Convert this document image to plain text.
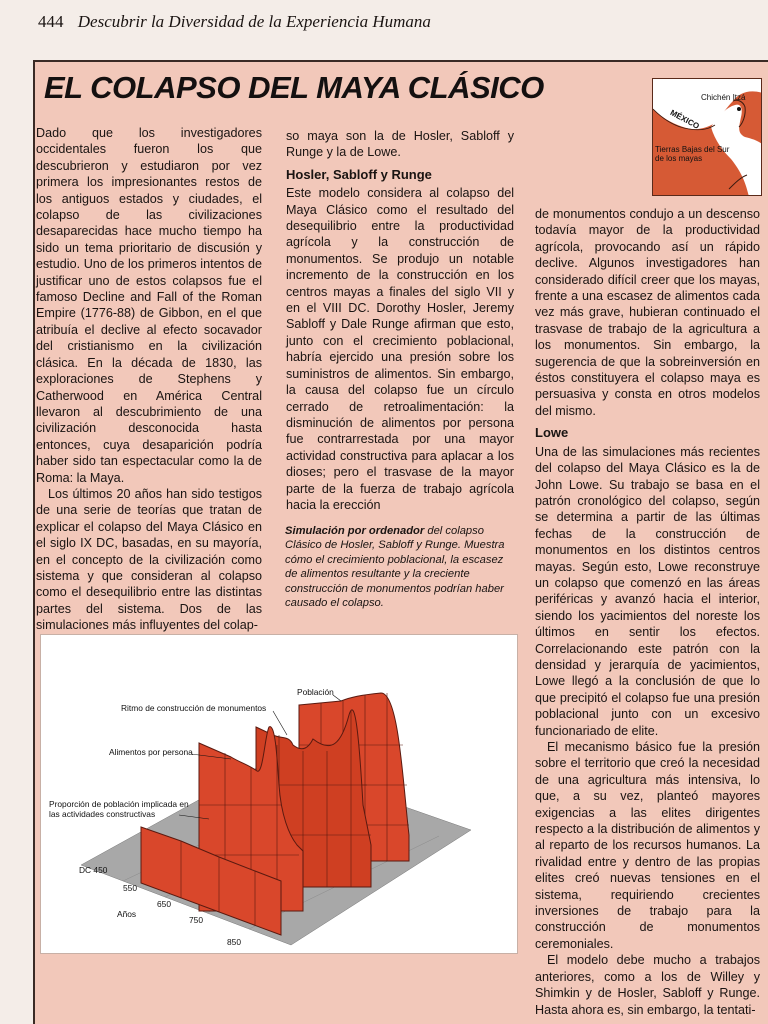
444 Descubrir la Diversidad de la Experiencia Humana
EL COLAPSO DEL MAYA CLÁSICO	Chichén Itzá
MÉXICO
Tierras Bajas del Sur de los mayas

Dado que los investigadores occidentales fueron los que descubrieron y estudiaron por vez primera los impresionantes restos de los antiguos estados y ciudades, el colapso de las civilizaciones desaparecidas hace mucho tiempo ha sido un tema prioritario de discusión y estudio. Uno de los primeros intentos de justificar uno de estos colapsos fue el famoso Decline and Fall of the Roman Empire (1776-88) de Gibbon, en el que atribuía el declive al efecto socavador del cristianismo en la civilización clásica. En la década de 1830, las exploraciones de Stephens y Catherwood en América Central llevaron al descubrimiento de una civilización desconocida hasta entonces, cuya desaparición podría haber sido tan espectacular como la de Roma: la Maya.

Los últimos 20 años han sido testigos de una serie de teorías que tratan de explicar el colapso del Maya Clásico en el siglo IX DC, basadas, en su mayoría, en el concepto de la civilización como sistema y que consideran al colapso como el desequilibrio entre las distintas partes del sistema. Dos de las simulaciones más influyentes del colap-

so maya son la de Hosler, Sabloff y Runge y la de Lowe.

Hosler, Sabloff y Runge

Este modelo considera al colapso del Maya Clásico como el resultado del desequilibrio entre la productividad agrícola y la construcción de monumentos. Se produjo un notable incremento de la construcción en los centros mayas a finales del siglo VII y en el VIII DC. Dorothy Hosler, Jeremy Sabloff y Dale Runge afirman que esto, junto con el crecimiento poblacional, habría ejercido una presión sobre los suministros de alimentos. Sin embargo, la causa del colapso fue un círculo cerrado de retroalimentación: la disminución de alimentos por persona fue contrarrestada por una mayor actividad constructiva para aplacar a los dioses; pero el trasvase de la mayor parte de la fuerza de trabajo agrícola hacia la erección

Simulación por ordenador del colapso Clásico de Hosler, Sabloff y Runge. Muestra cómo el crecimiento poblacional, la escasez de alimentos resultante y la creciente construcción de monumentos podrían haber causado el colapso.

de monumentos condujo a un descenso todavía mayor de la productividad agrícola, provocando así un rápido declive. Algunos investigadores han considerado difícil creer que los mayas, frente a una escasez de alimentos cada vez más grave, hubieran continuado el trasvase de trabajo de la agricultura a los monumentos. Sin embargo, la sugerencia de que la sobreinversión en éstos constituyera el colapso maya es persuasiva y consta en otros modelos del mismo.

Lowe

Una de las simulaciones más recientes del colapso del Maya Clásico es la de John Lowe. Su trabajo se basa en el patrón cronológico del colapso, según se determina a partir de las últimas fechas de la construcción de monumentos en los distintos centros mayas. Según esto, Lowe reconstruye un colapso que comenzó en las áreas periféricas y avanzó hacia el interior, siendo los yacimientos del noreste los últimos en sentir los efectos. Correlacionando este patrón con la densidad y jerarquía de yacimientos, Lowe llegó a la conclusión de que lo que precipitó el colapso fue una presión poblacional junto con un excesivo funcionariado de elite.

El mecanismo básico fue la presión sobre el territorio que creó la necesidad de una agricultura más intensiva, lo que, a su vez, planteó mayores exigencias a las elites dirigentes respecto a la distribución de alimentos y al reparto de los recursos humanos. La rivalidad entre y dentro de las propias elites creó nuevas tensiones en el sistema, requiriendo crecientes inversiones de trabajo para la construcción de monumentos ceremoniales.

El modelo debe mucho a trabajos anteriores, como a los de Willey y Shimkin y de Hosler, Sabloff y Runge. Hasta ahora es, sin embargo, la tentati-

Población
Ritmo de construcción de monumentos
Alimentos por persona
Proporción de población implicada en las actividades constructivas
DC 450
550
650
750
850
Años
